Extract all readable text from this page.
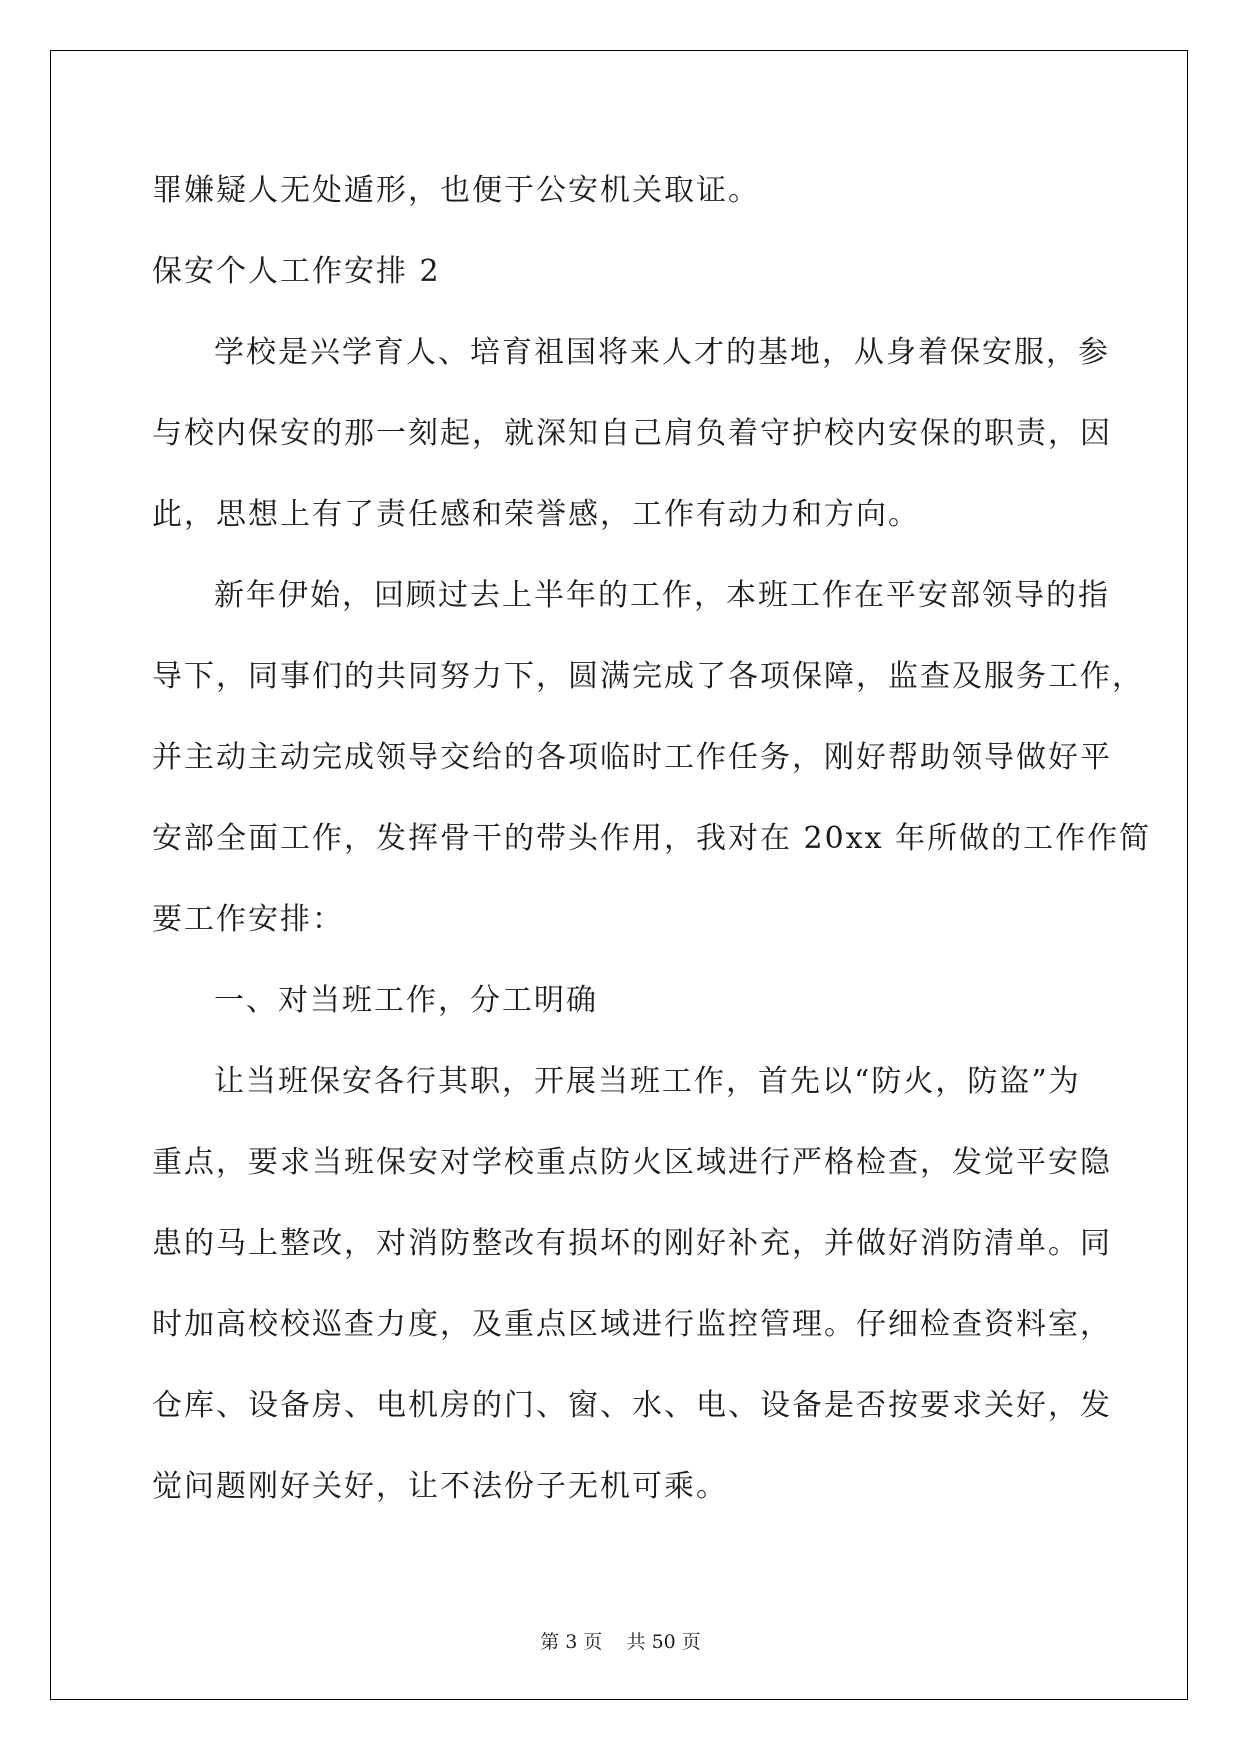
罪嫌疑人无处遁形，也便于公安机关取证。
保安个人工作安排 2
学校是兴学育人、培育祖国将来人才的基地，从身着保安服，参
与校内保安的那一刻起，就深知自己肩负着守护校内安保的职责，因
此，思想上有了责任感和荣誉感，工作有动力和方向。
新年伊始，回顾过去上半年的工作，本班工作在平安部领导的指
导下，同事们的共同努力下，圆满完成了各项保障，监查及服务工作，
并主动主动完成领导交给的各项临时工作任务，刚好帮助领导做好平
安部全面工作，发挥骨干的带头作用，我对在 20xx 年所做的工作作简
要工作安排：
一、对当班工作，分工明确
让当班保安各行其职，开展当班工作，首先以“防火，防盗”为
重点，要求当班保安对学校重点防火区域进行严格检查，发觉平安隐
患的马上整改，对消防整改有损坏的刚好补充，并做好消防清单。同
时加高校校巡查力度，及重点区域进行监控管理。仔细检查资料室，
仓库、设备房、电机房的门、窗、水、电、设备是否按要求关好，发
觉问题刚好关好，让不法份子无机可乘。
第 3 页 共 50 页
